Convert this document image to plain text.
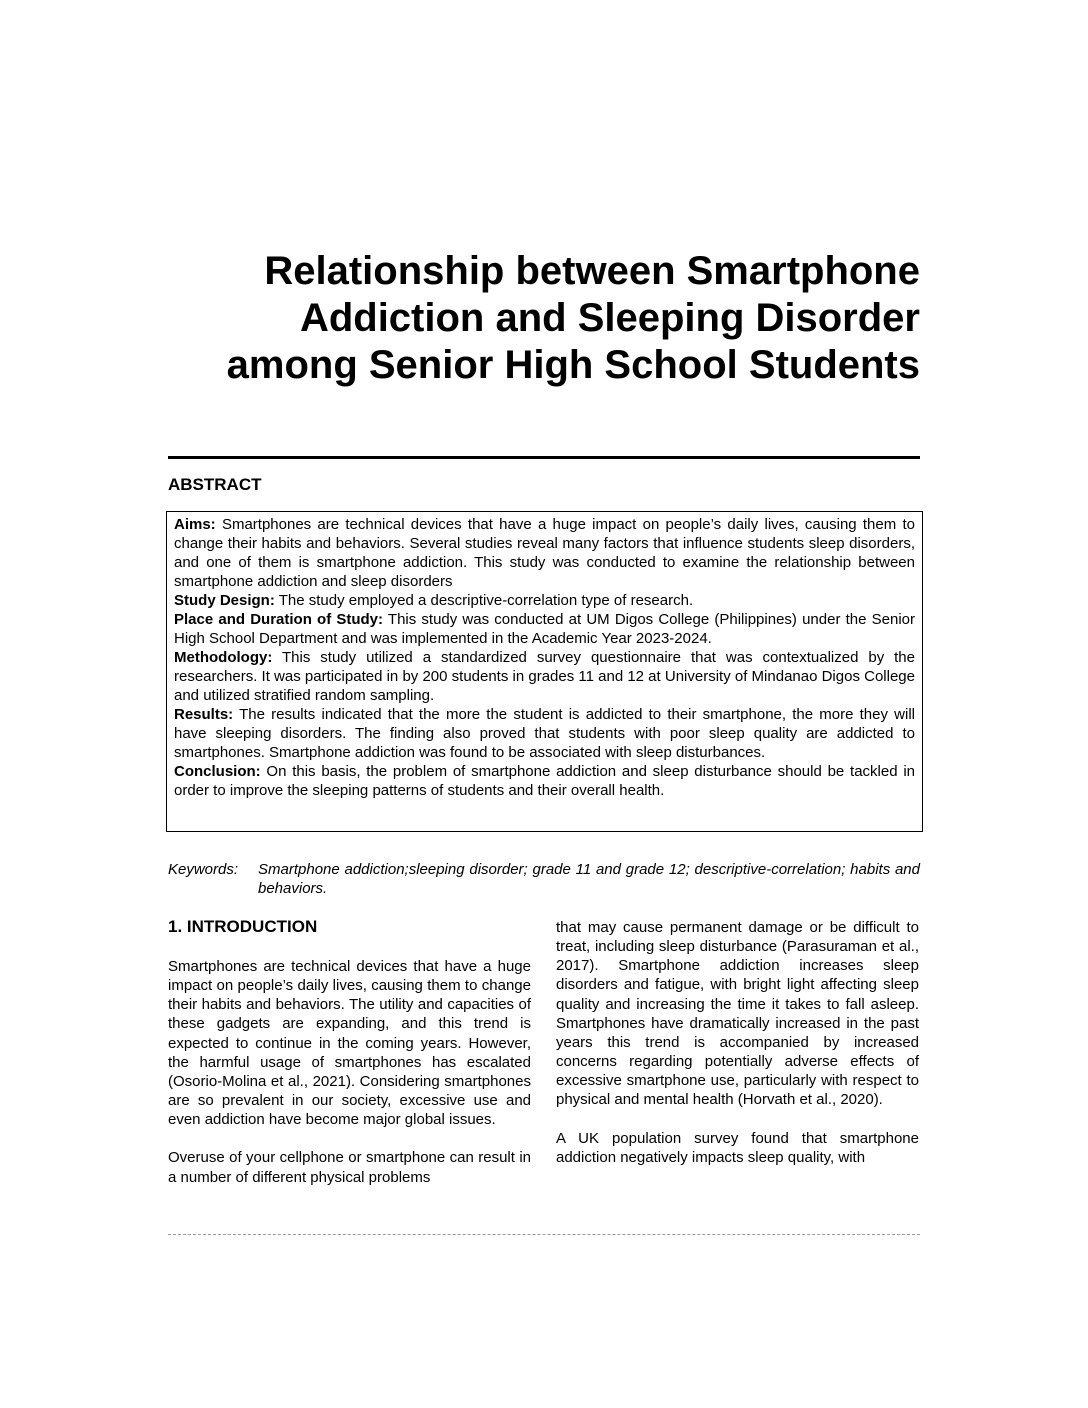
Relationship between Smartphone
Addiction and Sleeping Disorder
among Senior High School Students
ABSTRACT

Aims: Smartphones are technical devices that have a huge impact on people’s daily lives, causing them to change their habits and behaviors. Several studies reveal many factors that influence students sleep disorders, and one of them is smartphone addiction. This study was conducted to examine the relationship between smartphone addiction and sleep disorders

Study Design: The study employed a descriptive-correlation type of research.

Place and Duration of Study: This study was conducted at UM Digos College (Philippines) under the Senior High School Department and was implemented in the Academic Year 2023-2024.

Methodology: This study utilized a standardized survey questionnaire that was contextualized by the researchers. It was participated in by 200 students in grades 11 and 12 at University of Mindanao Digos College and utilized stratified random sampling.

Results: The results indicated that the more the student is addicted to their smartphone, the more they will have sleeping disorders. The finding also proved that students with poor sleep quality are addicted to smartphones. Smartphone addiction was found to be associated with sleep disturbances.

Conclusion: On this basis, the problem of smartphone addiction and sleep disturbance should be tackled in order to improve the sleeping patterns of students and their overall health.

Keywords:	Smartphone addiction;sleeping disorder; grade 11 and grade 12; descriptive-correlation; habits and behaviors.
1. INTRODUCTION

Smartphones are technical devices that have a huge impact on people’s daily lives, causing them to change their habits and behaviors. The utility and capacities of these gadgets are expanding, and this trend is expected to continue in the coming years. However, the harmful usage of smartphones has escalated (Osorio-Molina et al., 2021). Considering smartphones are so prevalent in our society, excessive use and even addiction have become major global issues.

Overuse of your cellphone or smartphone can result in a number of different physical problems

that may cause permanent damage or be difficult to treat, including sleep disturbance (Parasuraman et al., 2017). Smartphone addiction increases sleep disorders and fatigue, with bright light affecting sleep quality and increasing the time it takes to fall asleep. Smartphones have dramatically increased in the past years this trend is accompanied by increased concerns regarding potentially adverse effects of excessive smartphone use, particularly with respect to physical and mental health (Horvath et al., 2020).

A UK population survey found that smartphone addiction negatively impacts sleep quality, with
